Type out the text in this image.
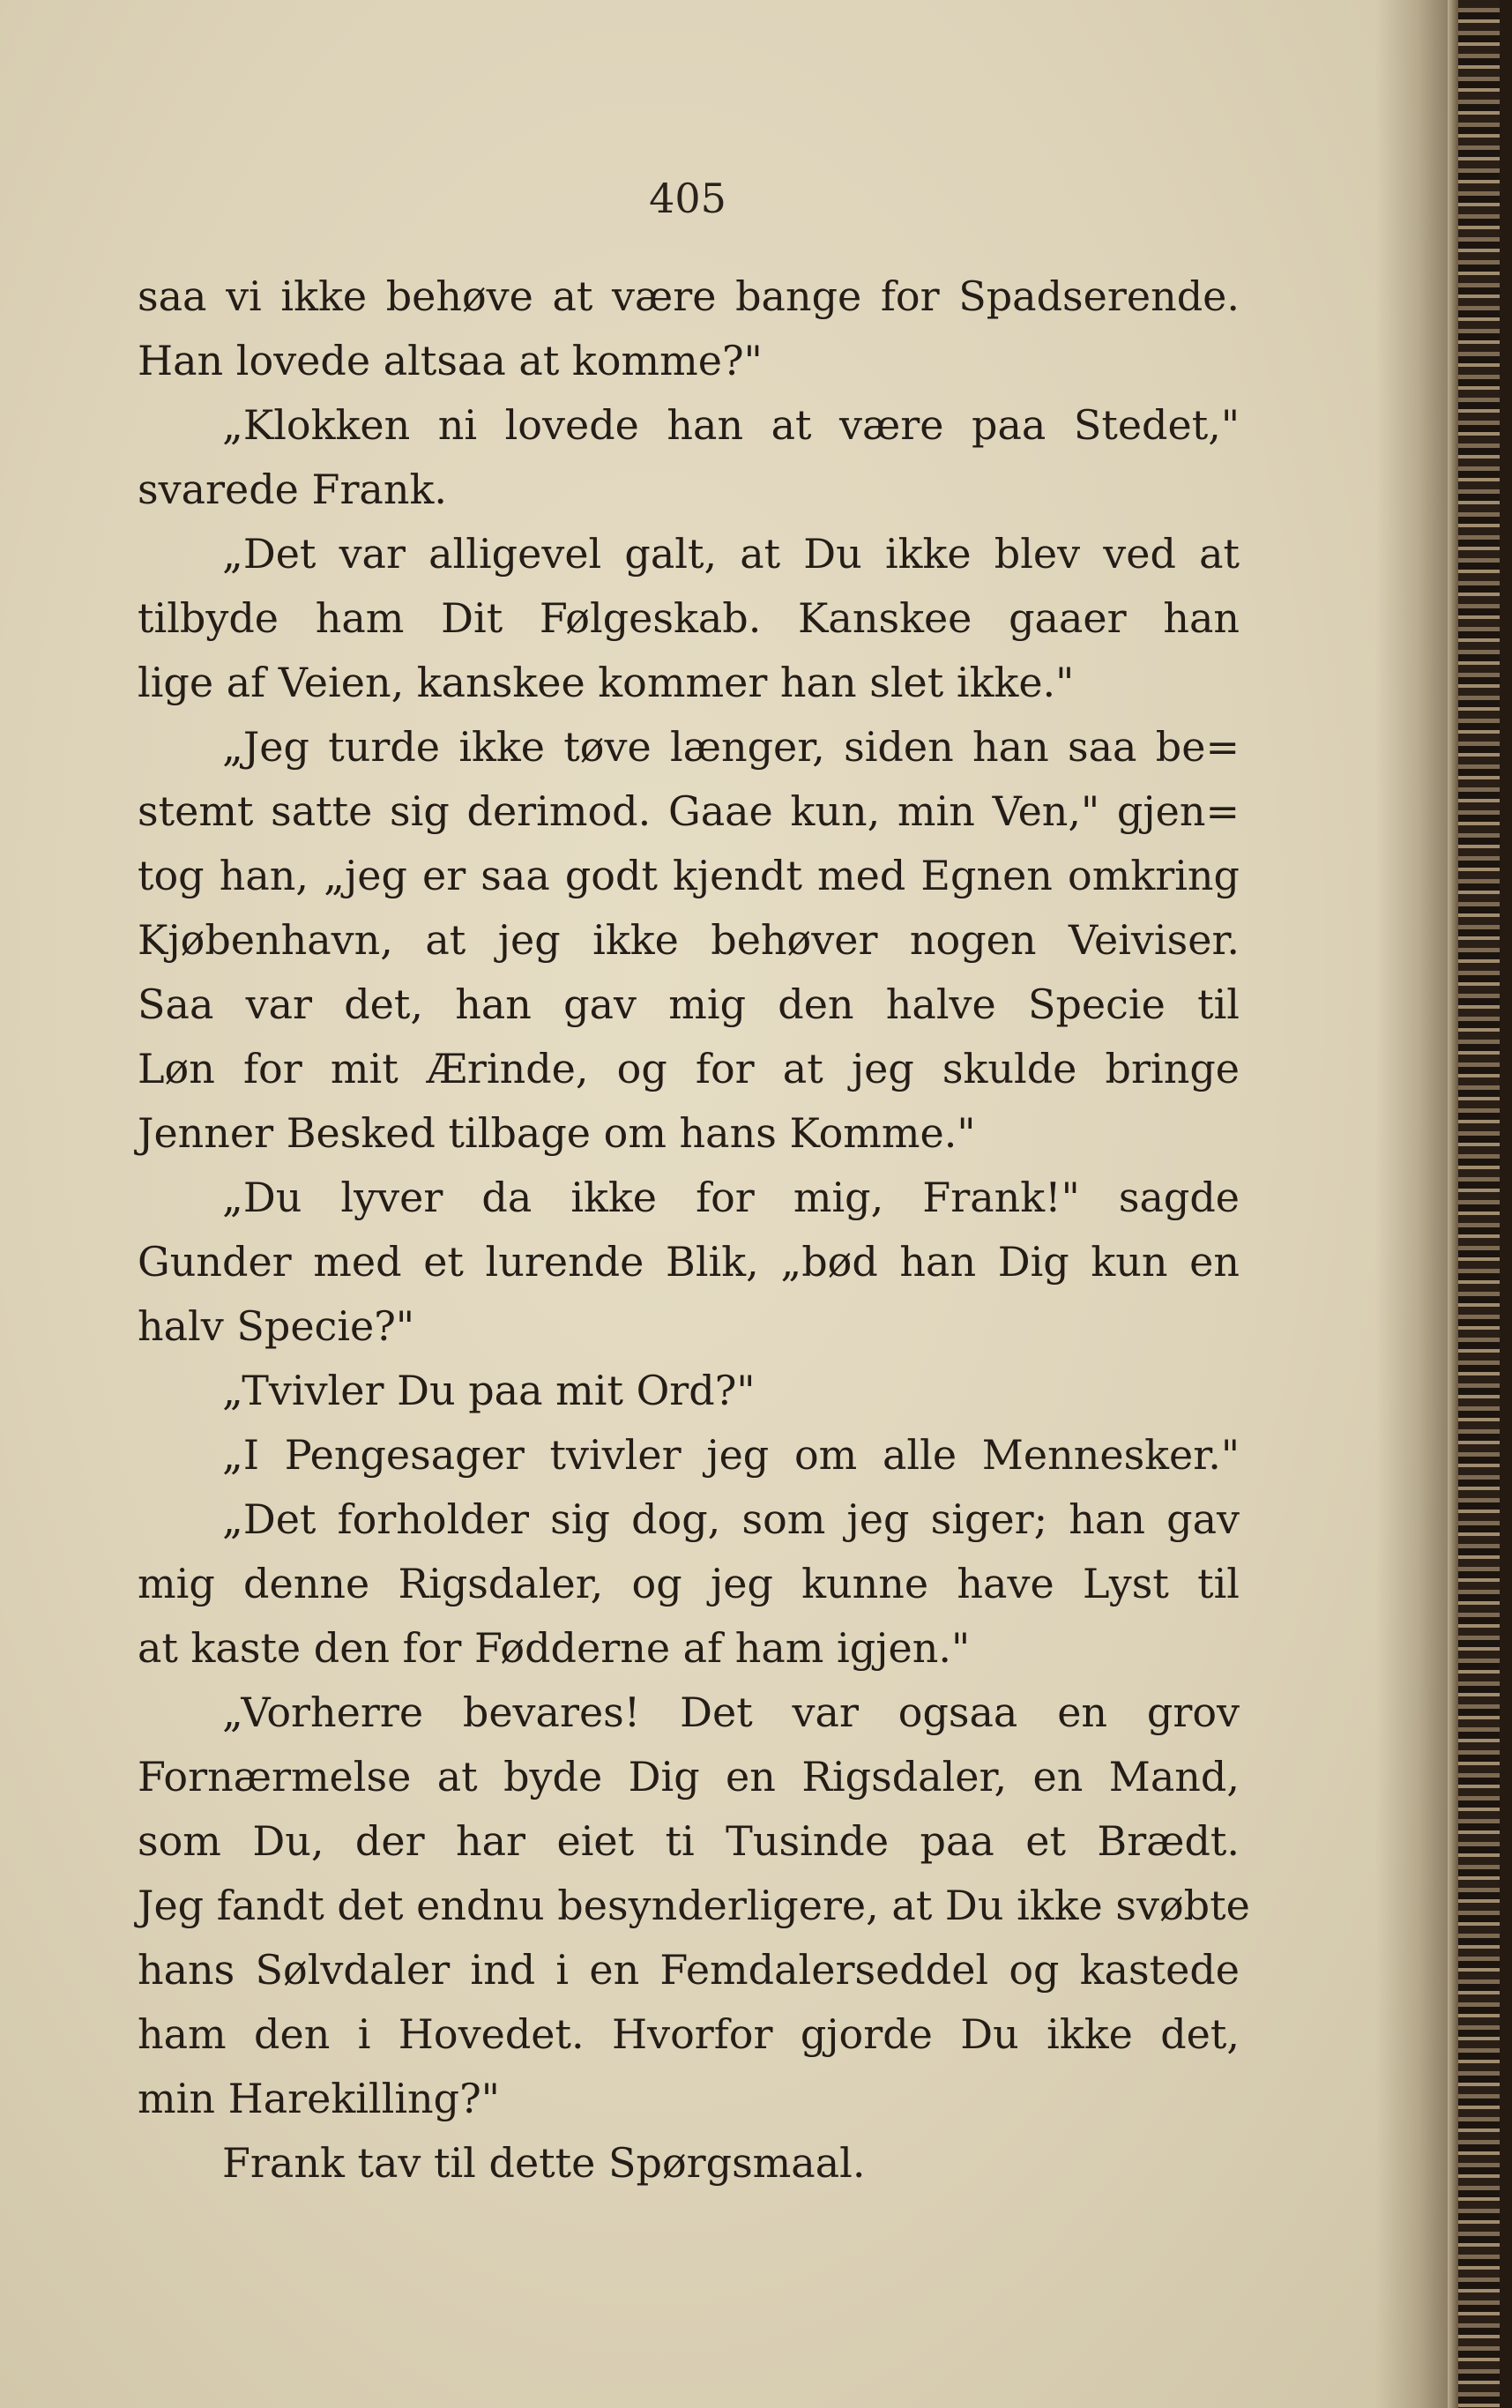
405

saa vi ikke behøve at være bange for Spadserende.
Han lovede altsaa at komme?"
„Klokken ni lovede han at være paa Stedet,"
svarede Frank.
„Det var alligevel galt, at Du ikke blev ved at
tilbyde ham Dit Følgeskab. Kanskee gaaer han
lige af Veien, kanskee kommer han slet ikke."
„Jeg turde ikke tøve længer, siden han saa be=
stemt satte sig derimod. Gaae kun, min Ven," gjen=
tog han, „jeg er saa godt kjendt med Egnen omkring
Kjøbenhavn, at jeg ikke behøver nogen Veiviser.
Saa var det, han gav mig den halve Specie til
Løn for mit Ærinde, og for at jeg skulde bringe
Jenner Besked tilbage om hans Komme."
„Du lyver da ikke for mig, Frank!" sagde
Gunder med et lurende Blik, „bød han Dig kun en
halv Specie?"
„Tvivler Du paa mit Ord?"
„I Pengesager tvivler jeg om alle Mennesker."
„Det forholder sig dog, som jeg siger; han gav
mig denne Rigsdaler, og jeg kunne have Lyst til
at kaste den for Fødderne af ham igjen."
„Vorherre bevares! Det var ogsaa en grov
Fornærmelse at byde Dig en Rigsdaler, en Mand,
som Du, der har eiet ti Tusinde paa et Brædt.
Jeg fandt det endnu besynderligere, at Du ikke svøbte
hans Sølvdaler ind i en Femdalerseddel og kastede
ham den i Hovedet. Hvorfor gjorde Du ikke det,
min Harekilling?"
Frank tav til dette Spørgsmaal.
